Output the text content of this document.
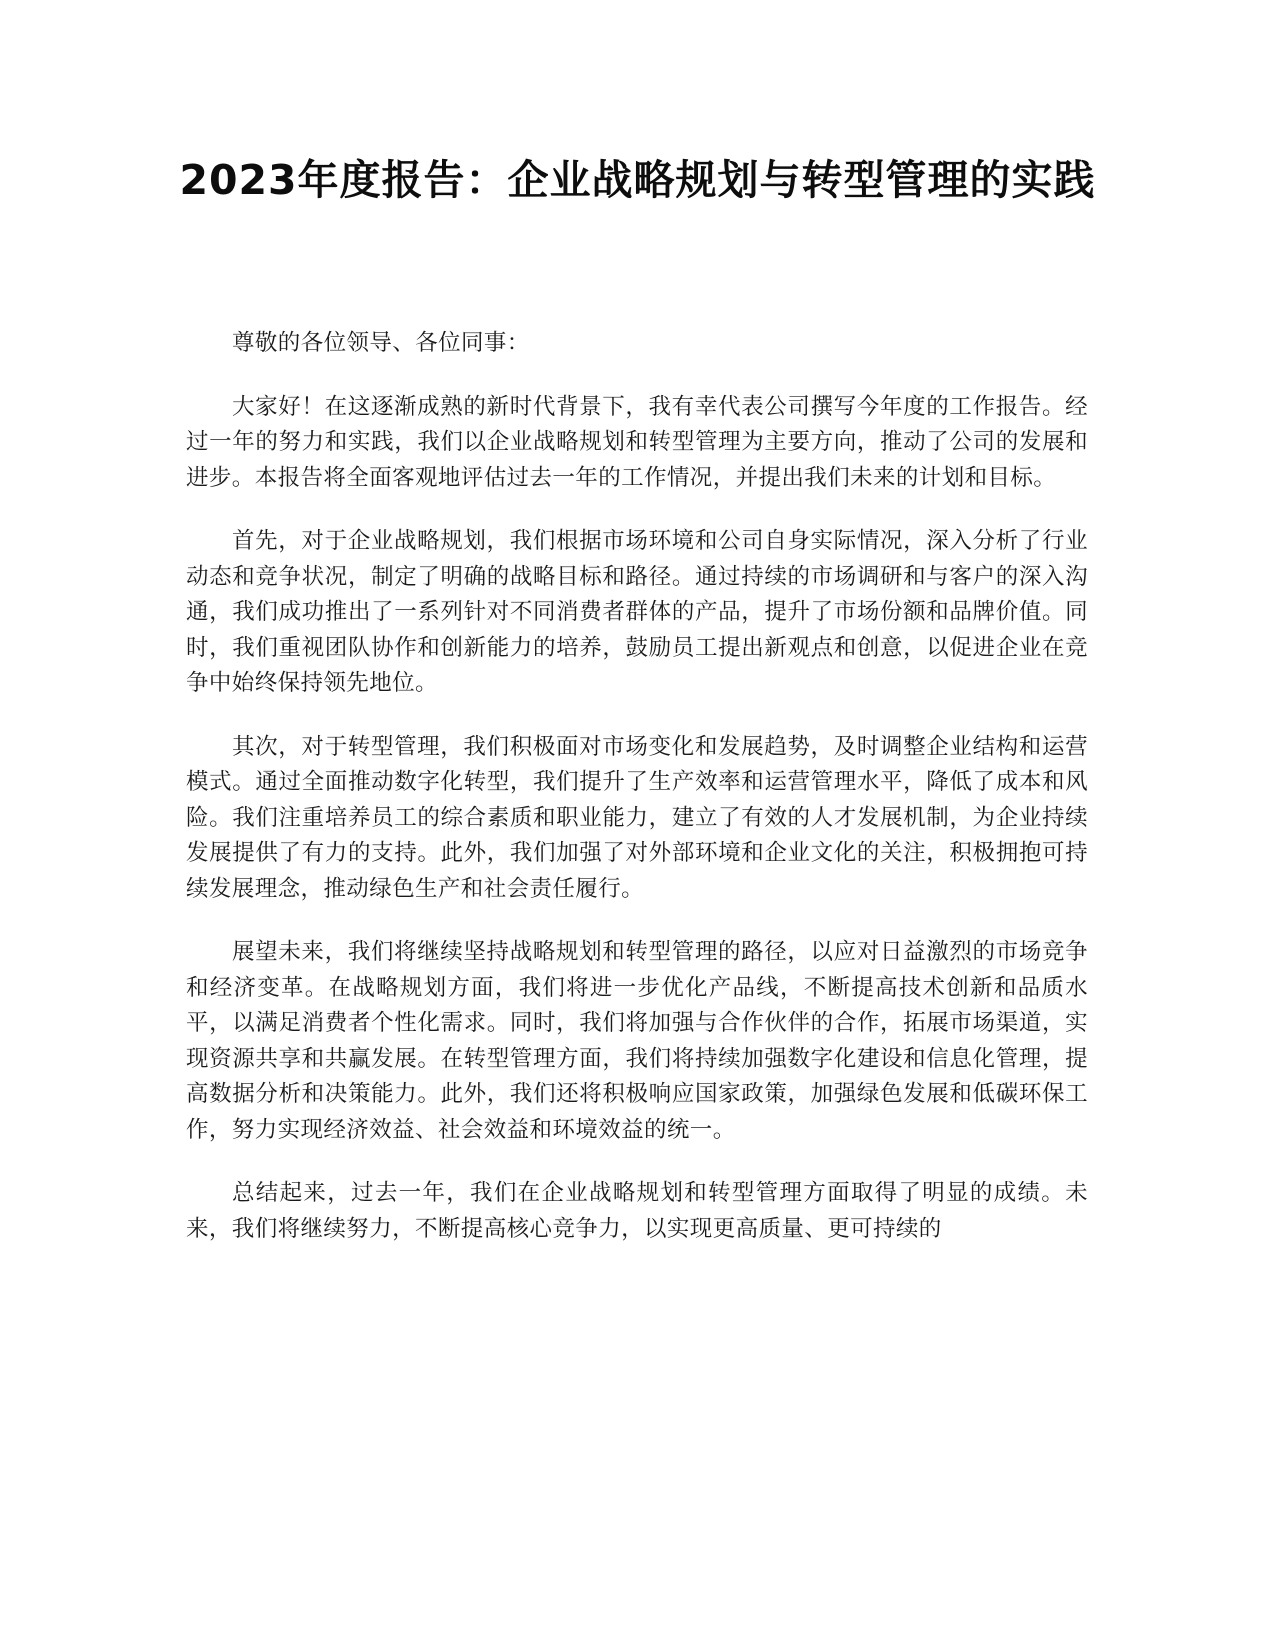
2023年度报告：企业战略规划与转型管理的实践

尊敬的各位领导、各位同事：

大家好！在这逐渐成熟的新时代背景下，我有幸代表公司撰写今年度的工作报告。经过一年的努力和实践，我们以企业战略规划和转型管理为主要方向，推动了公司的发展和进步。本报告将全面客观地评估过去一年的工作情况，并提出我们未来的计划和目标。

首先，对于企业战略规划，我们根据市场环境和公司自身实际情况，深入分析了行业动态和竞争状况，制定了明确的战略目标和路径。通过持续的市场调研和与客户的深入沟通，我们成功推出了一系列针对不同消费者群体的产品，提升了市场份额和品牌价值。同时，我们重视团队协作和创新能力的培养，鼓励员工提出新观点和创意，以促进企业在竞争中始终保持领先地位。

其次，对于转型管理，我们积极面对市场变化和发展趋势，及时调整企业结构和运营模式。通过全面推动数字化转型，我们提升了生产效率和运营管理水平，降低了成本和风险。我们注重培养员工的综合素质和职业能力，建立了有效的人才发展机制，为企业持续发展提供了有力的支持。此外，我们加强了对外部环境和企业文化的关注，积极拥抱可持续发展理念，推动绿色生产和社会责任履行。

展望未来，我们将继续坚持战略规划和转型管理的路径，以应对日益激烈的市场竞争和经济变革。在战略规划方面，我们将进一步优化产品线，不断提高技术创新和品质水平，以满足消费者个性化需求。同时，我们将加强与合作伙伴的合作，拓展市场渠道，实现资源共享和共赢发展。在转型管理方面，我们将持续加强数字化建设和信息化管理，提高数据分析和决策能力。此外，我们还将积极响应国家政策，加强绿色发展和低碳环保工作，努力实现经济效益、社会效益和环境效益的统一。

总结起来，过去一年，我们在企业战略规划和转型管理方面取得了明显的成绩。未来，我们将继续努力，不断提高核心竞争力，以实现更高质量、更可持续的
